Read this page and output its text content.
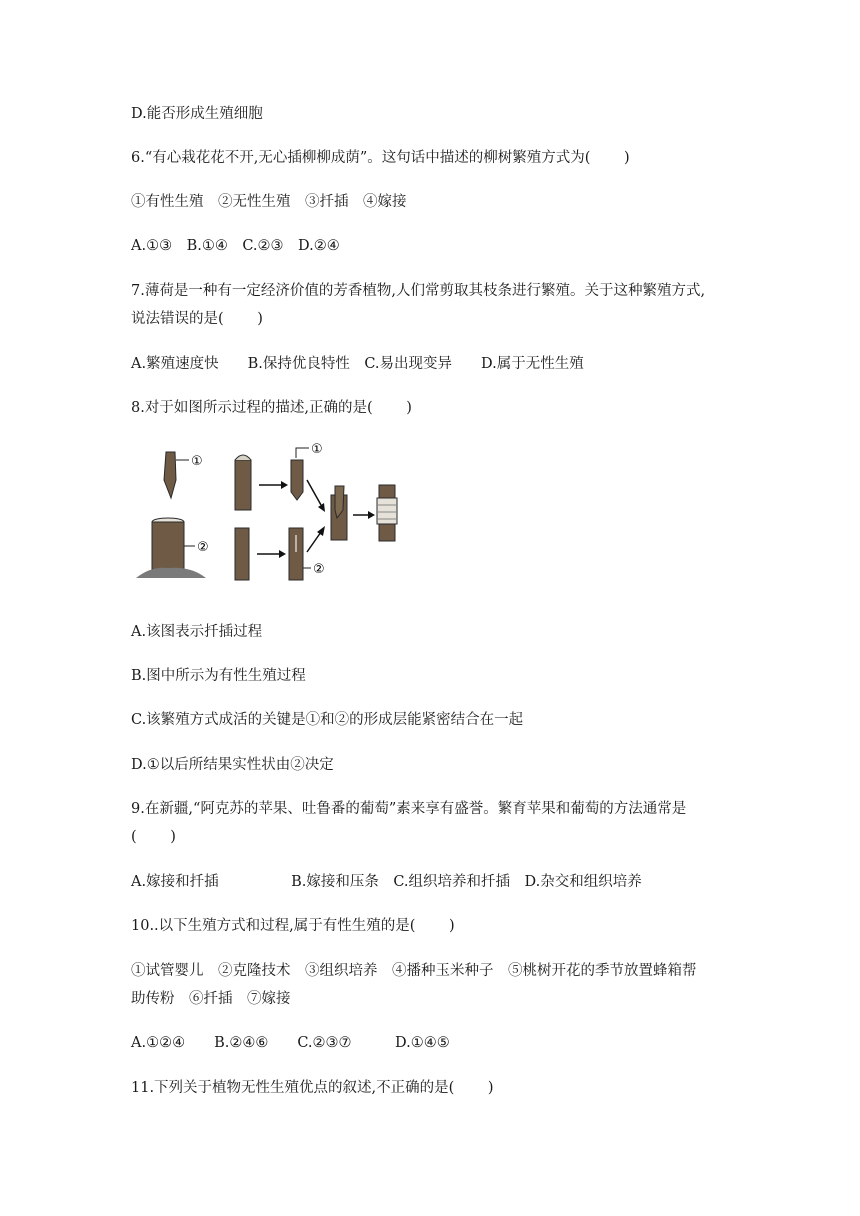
D.能否形成生殖细胞
6.“有心栽花花不开,无心插柳柳成荫”。这句话中描述的柳树繁殖方式为(　　 )
①有性生殖　②无性生殖　③扦插　④嫁接
A.①③　B.①④　C.②③　D.②④
7.薄荷是一种有一定经济价值的芳香植物,人们常剪取其枝条进行繁殖。关于这种繁殖方式,
说法错误的是(　　 )
A.繁殖速度快　　B.保持优良特性　C.易出现变异　　D.属于无性生殖
8.对于如图所示过程的描述,正确的是(　　 )
①
②
①
②
A.该图表示扦插过程
B.图中所示为有性生殖过程
C.该繁殖方式成活的关键是①和②的形成层能紧密结合在一起
D.①以后所结果实性状由②决定
9.在新疆,“阿克苏的苹果、吐鲁番的葡萄”素来享有盛誉。繁育苹果和葡萄的方法通常是
(　　 )
A.嫁接和扦插　　　　　B.嫁接和压条　C.组织培养和扦插　D.杂交和组织培养
10..以下生殖方式和过程,属于有性生殖的是(　　 )
①试管婴儿　②克隆技术　③组织培养　④播种玉米种子　⑤桃树开花的季节放置蜂箱帮
助传粉　⑥扦插　⑦嫁接
A.①②④　　B.②④⑥　　C.②③⑦　　　D.①④⑤
11.下列关于植物无性生殖优点的叙述,不正确的是(　　 )
